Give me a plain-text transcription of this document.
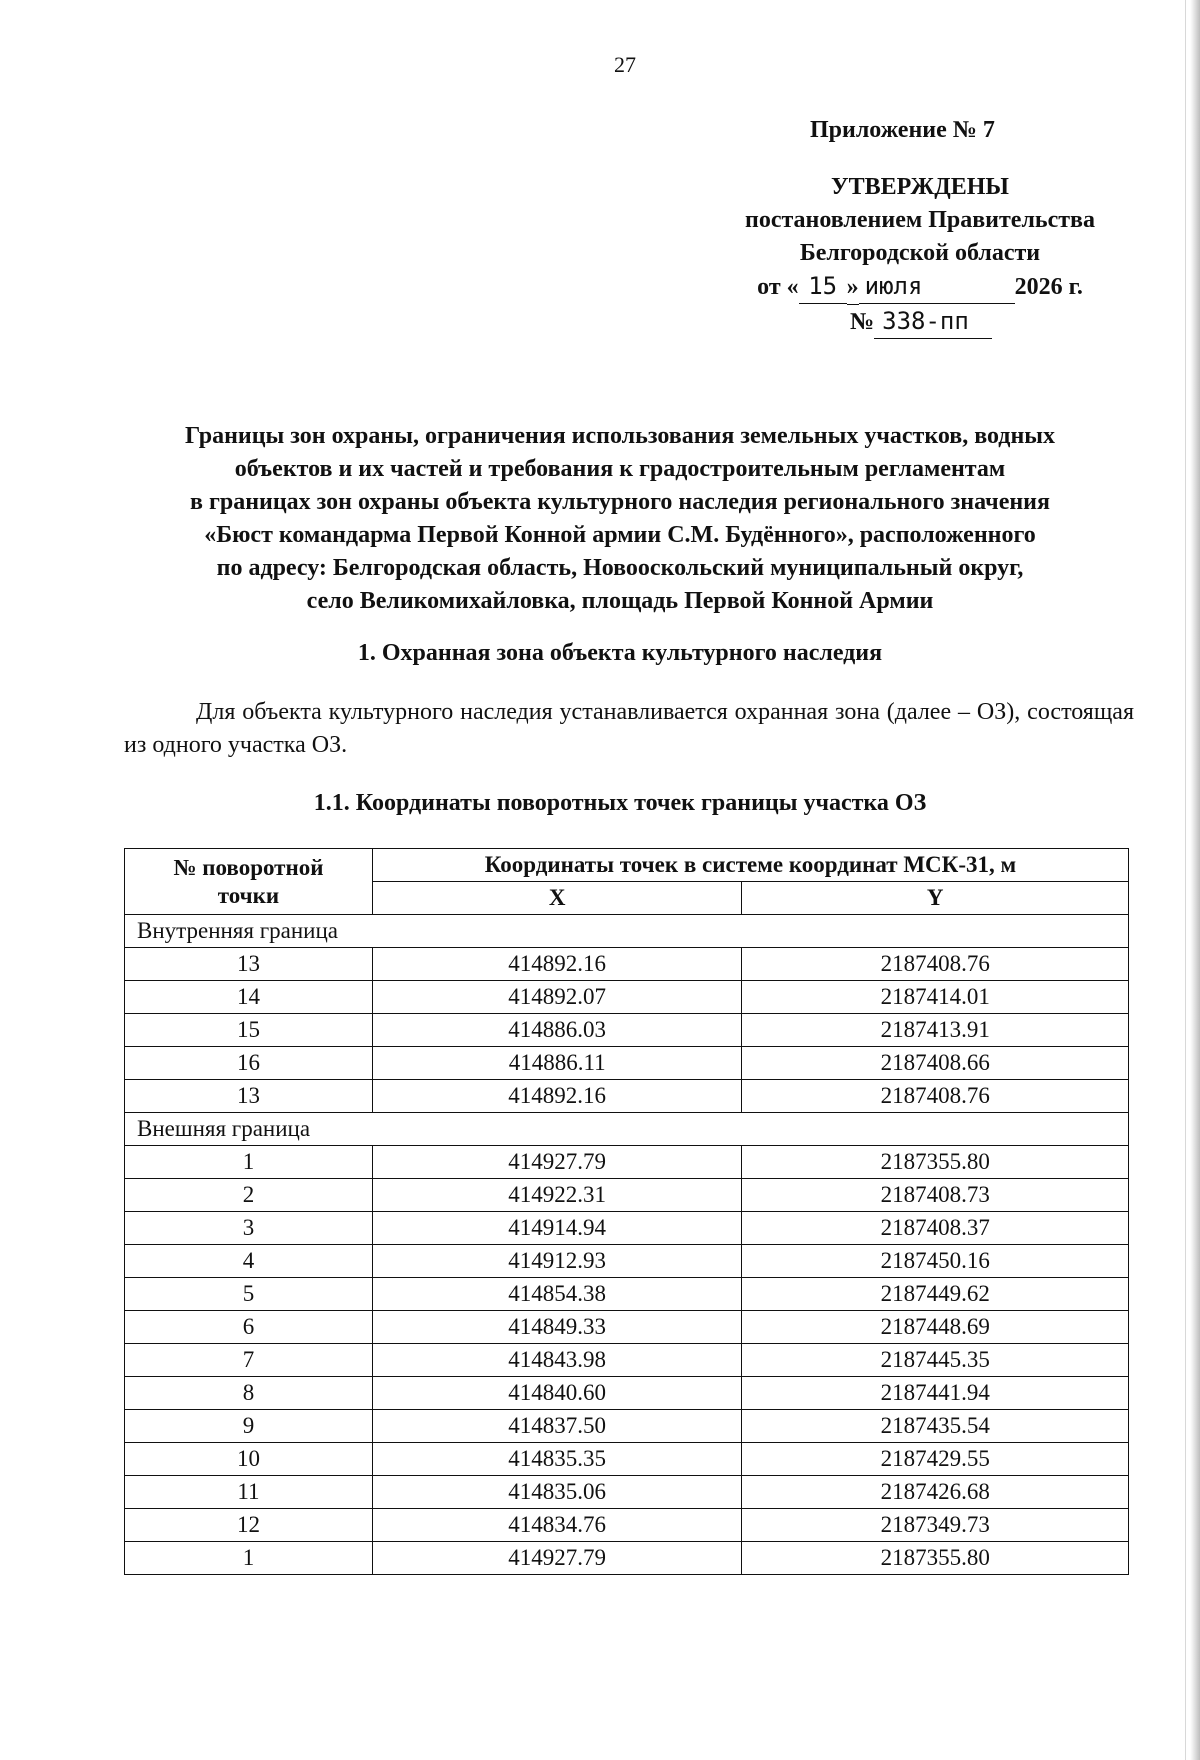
27
Приложение № 7
УТВЕРЖДЕНЫ
постановлением Правительства
Белгородской области
от « 15 » июля	2026 г.
№ 338-пп
Границы зон охраны, ограничения использования земельных участков, водных
объектов и их частей и требования к градостроительным регламентам
в границах зон охраны объекта культурного наследия регионального значения
«Бюст командарма Первой Конной армии С.М. Будённого», расположенного
по адресу: Белгородская область, Новооскольский муниципальный округ,
село Великомихайловка, площадь Первой Конной Армии
1. Охранная зона объекта культурного наследия
Для объекта культурного наследия устанавливается охранная зона (далее – ОЗ), состоящая из одного участка ОЗ.
1.1. Координаты поворотных точек границы участка ОЗ
№ поворотной точки	Координаты точек в системе координат МСК-31, м	
	X	Y
Внутренняя граница		
13	414892.16	2187408.76
14	414892.07	2187414.01
15	414886.03	2187413.91
16	414886.11	2187408.66
13	414892.16	2187408.76
Внешняя граница		
1	414927.79	2187355.80
2	414922.31	2187408.73
3	414914.94	2187408.37
4	414912.93	2187450.16
5	414854.38	2187449.62
6	414849.33	2187448.69
7	414843.98	2187445.35
8	414840.60	2187441.94
9	414837.50	2187435.54
10	414835.35	2187429.55
11	414835.06	2187426.68
12	414834.76	2187349.73
1	414927.79	2187355.80
